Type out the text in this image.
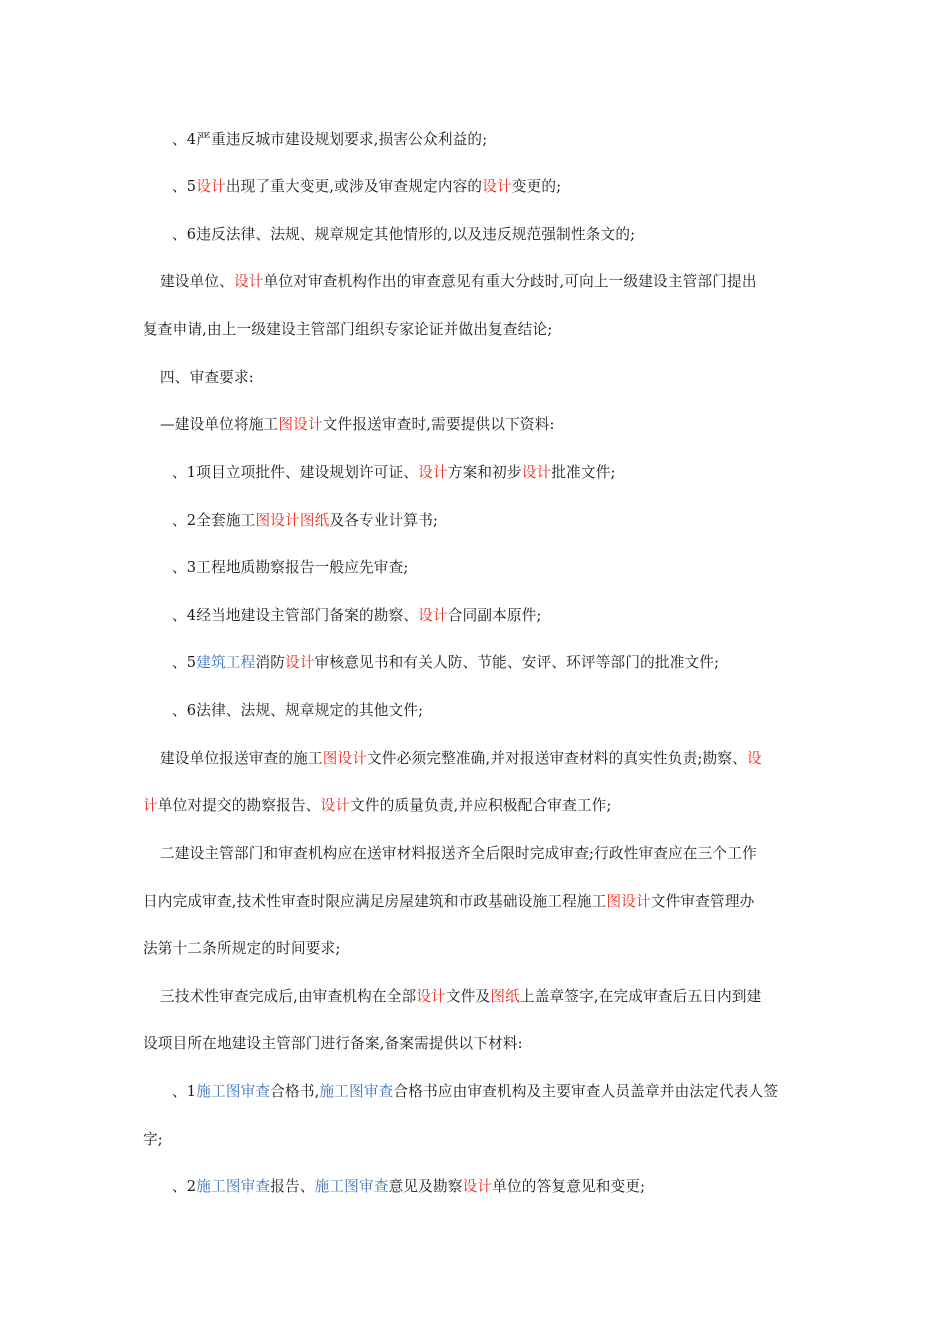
、4严重违反城市建设规划要求,损害公众利益的;
、5设计出现了重大变更,或涉及审查规定内容的设计变更的;
、6违反法律、法规、规章规定其他情形的,以及违反规范强制性条文的;
建设单位、设计单位对审查机构作出的审查意见有重大分歧时,可向上一级建设主管部门提出
复查申请,由上一级建设主管部门组织专家论证并做出复查结论;
四、审查要求:
—建设单位将施工图设计文件报送审查时,需要提供以下资料:
、1项目立项批件、建设规划许可证、设计方案和初步设计批准文件;
、2全套施工图设计图纸及各专业计算书;
、3工程地质勘察报告一般应先审查;
、4经当地建设主管部门备案的勘察、设计合同副本原件;
、5建筑工程消防设计审核意见书和有关人防、节能、安评、环评等部门的批准文件;
、6法律、法规、规章规定的其他文件;
建设单位报送审查的施工图设计文件必须完整准确,并对报送审查材料的真实性负责;勘察、设
计单位对提交的勘察报告、设计文件的质量负责,并应积极配合审查工作;
二建设主管部门和审查机构应在送审材料报送齐全后限时完成审查;行政性审查应在三个工作
日内完成审查,技术性审查时限应满足房屋建筑和市政基础设施工程施工图设计文件审查管理办
法第十二条所规定的时间要求;
三技术性审查完成后,由审查机构在全部设计文件及图纸上盖章签字,在完成审查后五日内到建
设项目所在地建设主管部门进行备案,备案需提供以下材料:
、1施工图审查合格书,施工图审查合格书应由审查机构及主要审查人员盖章并由法定代表人签
字;
、2施工图审查报告、施工图审查意见及勘察设计单位的答复意见和变更;
